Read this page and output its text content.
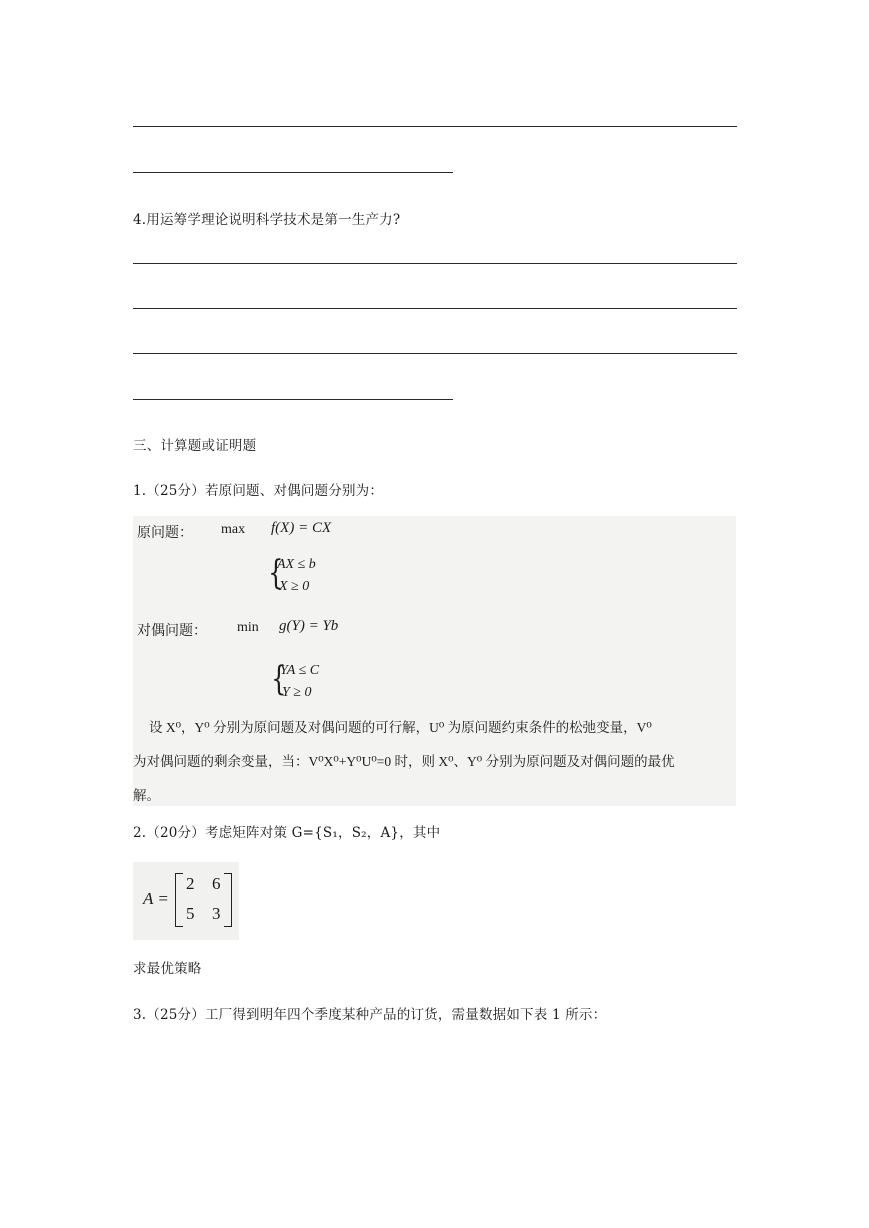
4.用运筹学理论说明科学技术是第一生产力?
三、计算题或证明题
1.（25分）若原问题、对偶问题分别为：
原问题： max f(X) = CX
{
AX ≤ b
X ≥ 0
对偶问题： min g(Y) = Yb
{
YA ≤ C
Y ≥ 0
设 X⁰，Y⁰ 分别为原问题及对偶问题的可行解，U⁰ 为原问题约束条件的松弛变量，V⁰
为对偶问题的剩余变量，当：V⁰X⁰+Y⁰U⁰=0 时，则 X⁰、Y⁰ 分别为原问题及对偶问题的最优
解。
2.（20分）考虑矩阵对策 G={S₁，S₂，A}，其中
A =
2 6
5 3
求最优策略
3.（25分）工厂得到明年四个季度某种产品的订货，需量数据如下表 1 所示：
